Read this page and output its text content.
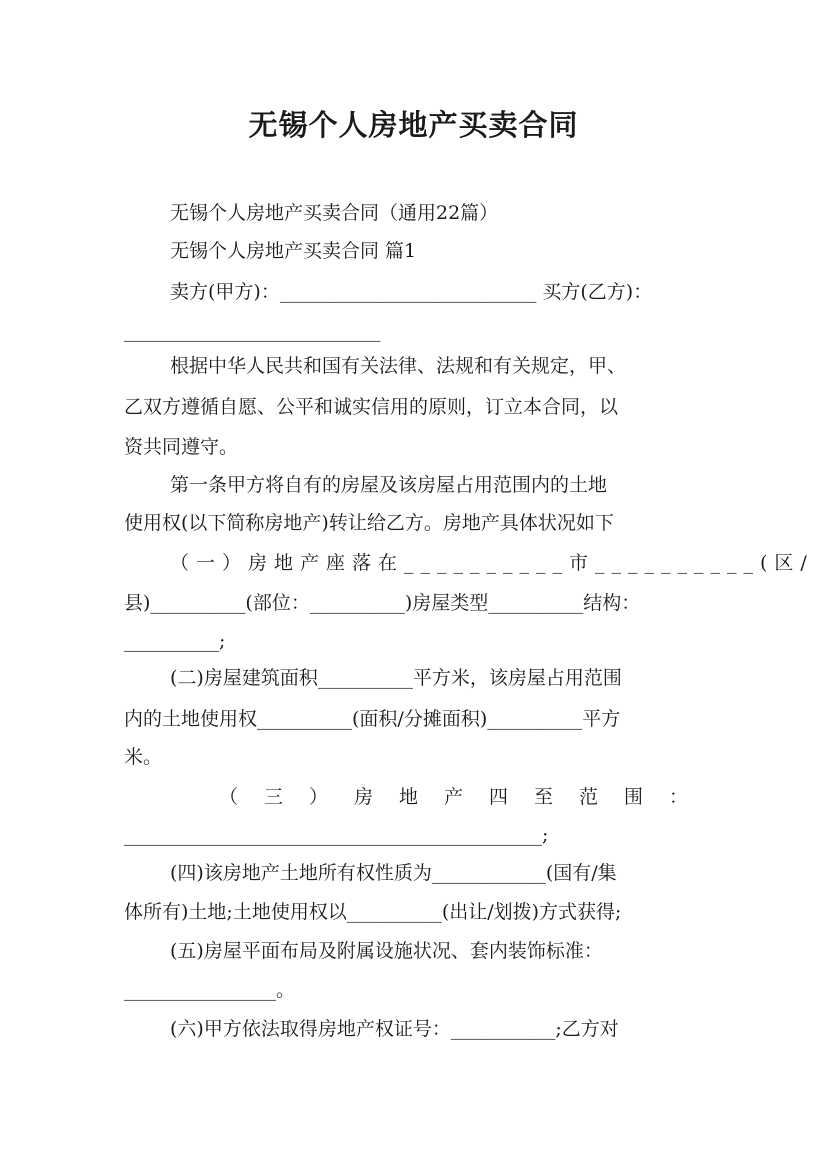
无锡个人房地产买卖合同
无锡个人房地产买卖合同（通用22篇）
无锡个人房地产买卖合同 篇1
卖方(甲方)：___________________________ 买方(乙方)：
___________________________
根据中华人民共和国有关法律、法规和有关规定，甲、
乙双方遵循自愿、公平和诚实信用的原则，订立本合同，以
资共同遵守。
第一条甲方将自有的房屋及该房屋占用范围内的土地
使用权(以下简称房地产)转让给乙方。房地产具体状况如下
（一）房地产座落在__________市__________(区/
县)__________(部位：__________)房屋类型__________结构：
__________;
(二)房屋建筑面积__________平方米，该房屋占用范围
内的土地使用权__________(面积/分摊面积)__________平方
米。
（三）房地产四至范围：
____________________________________________;
(四)该房地产土地所有权性质为____________(国有/集
体所有)土地;土地使用权以__________(出让/划拨)方式获得;
(五)房屋平面布局及附属设施状况、套内装饰标准：
________________。
(六)甲方依法取得房地产权证号：___________;乙方对
